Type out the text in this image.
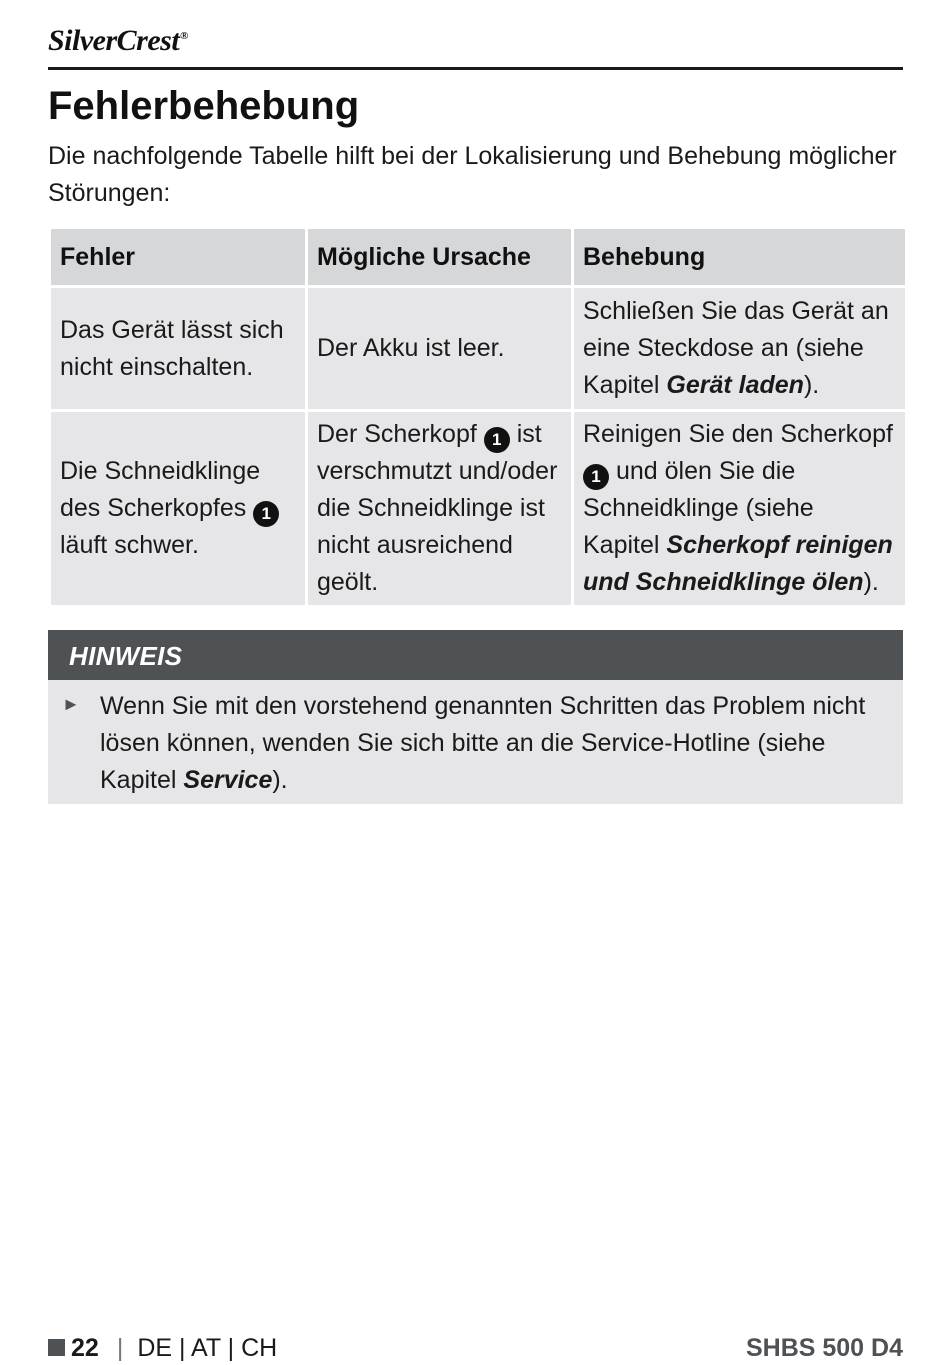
SilverCrest®
Fehlerbehebung

Die nachfolgende Tabelle hilft bei der Lokalisierung und Behebung möglicher Störungen:

Fehler	Mögliche Ursache	Behebung
Das Gerät lässt sich nicht einschalten.	Der Akku ist leer.	Schließen Sie das Gerät an eine Steckdose an (siehe Kapitel Gerät laden).
Die Schneidklinge des Scherkopfes 1 läuft schwer.	Der Scherkopf 1 ist verschmutzt und/oder die Schneidklinge ist nicht ausreichend geölt.	Reinigen Sie den Scherkopf 1 und ölen Sie die Schneidklinge (siehe Kapitel Scherkopf reinigen und Schneidklinge ölen).
HINWEIS
► Wenn Sie mit den vorstehend genannten Schritten das Problem nicht lösen können, wenden Sie sich bitte an die Service-Hotline (siehe Kapitel Service).

22 | DE | AT | CH	SHBS 500 D4
